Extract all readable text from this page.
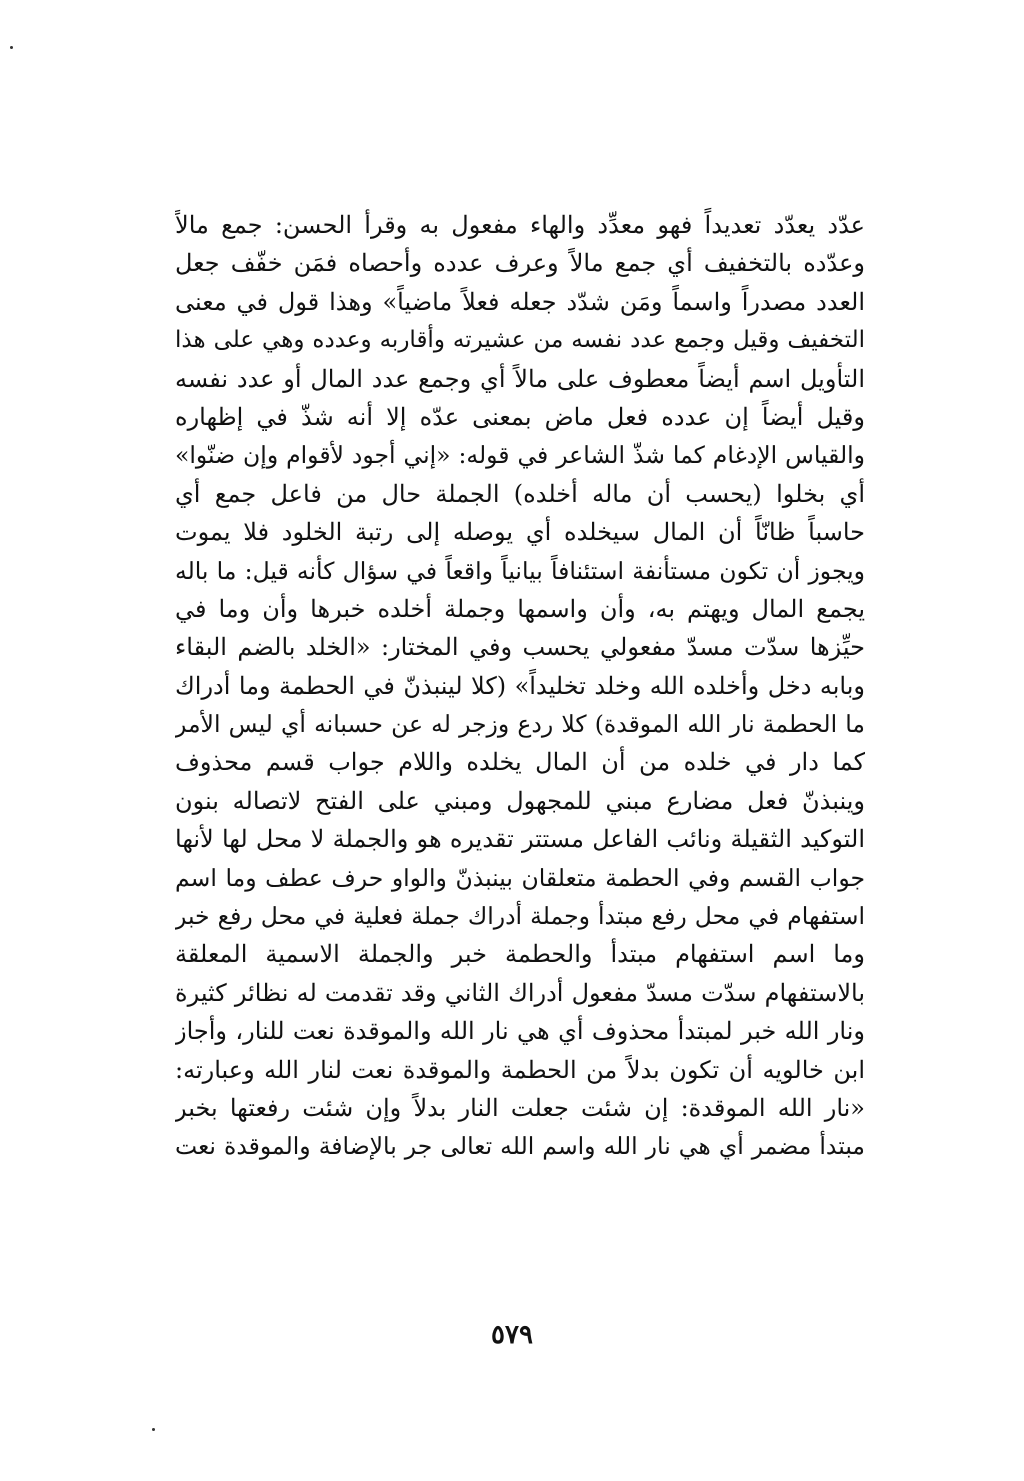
عدّد يعدّد تعديداً فهو معدِّد والهاء مفعول به وقرأ الحسن: جمع مالاً
وعدّده بالتخفيف أي جمع مالاً وعرف عدده وأحصاه فمَن خفّف جعل
العدد مصدراً واسماً ومَن شدّد جعله فعلاً ماضياً» وهذا قول في معنى
التخفيف وقيل وجمع عدد نفسه من عشيرته وأقاربه وعدده وهي على هذا
التأويل اسم أيضاً معطوف على مالاً أي وجمع عدد المال أو عدد نفسه
وقيل أيضاً إن عدده فعل ماض بمعنى عدّه إلا أنه شذّ في إظهاره
والقياس الإدغام كما شذّ الشاعر في قوله: «إني أجود لأقوام وإن ضنّوا»
أي بخلوا (يحسب أن ماله أخلده) الجملة حال من فاعل جمع أي
حاسباً ظانّاً أن المال سيخلده أي يوصله إلى رتبة الخلود فلا يموت
ويجوز أن تكون مستأنفة استئنافاً بيانياً واقعاً في سؤال كأنه قيل: ما باله
يجمع المال ويهتم به، وأن واسمها وجملة أخلده خبرها وأن وما في
حيِّزها سدّت مسدّ مفعولي يحسب وفي المختار: «الخلد بالضم البقاء
وبابه دخل وأخلده الله وخلد تخليداً» (كلا لينبذنّ في الحطمة وما أدراك
ما الحطمة نار الله الموقدة) كلا ردع وزجر له عن حسبانه أي ليس الأمر
كما دار في خلده من أن المال يخلده واللام جواب قسم محذوف
وينبذنّ فعل مضارع مبني للمجهول ومبني على الفتح لاتصاله بنون
التوكيد الثقيلة ونائب الفاعل مستتر تقديره هو والجملة لا محل لها لأنها
جواب القسم وفي الحطمة متعلقان بينبذنّ والواو حرف عطف وما اسم
استفهام في محل رفع مبتدأ وجملة أدراك جملة فعلية في محل رفع خبر
وما اسم استفهام مبتدأ والحطمة خبر والجملة الاسمية المعلقة
بالاستفهام سدّت مسدّ مفعول أدراك الثاني وقد تقدمت له نظائر كثيرة
ونار الله خبر لمبتدأ محذوف أي هي نار الله والموقدة نعت للنار، وأجاز
ابن خالويه أن تكون بدلاً من الحطمة والموقدة نعت لنار الله وعبارته:
«نار الله الموقدة: إن شئت جعلت النار بدلاً وإن شئت رفعتها بخبر
مبتدأ مضمر أي هي نار الله واسم الله تعالى جر بالإضافة والموقدة نعت
٥٧٩
